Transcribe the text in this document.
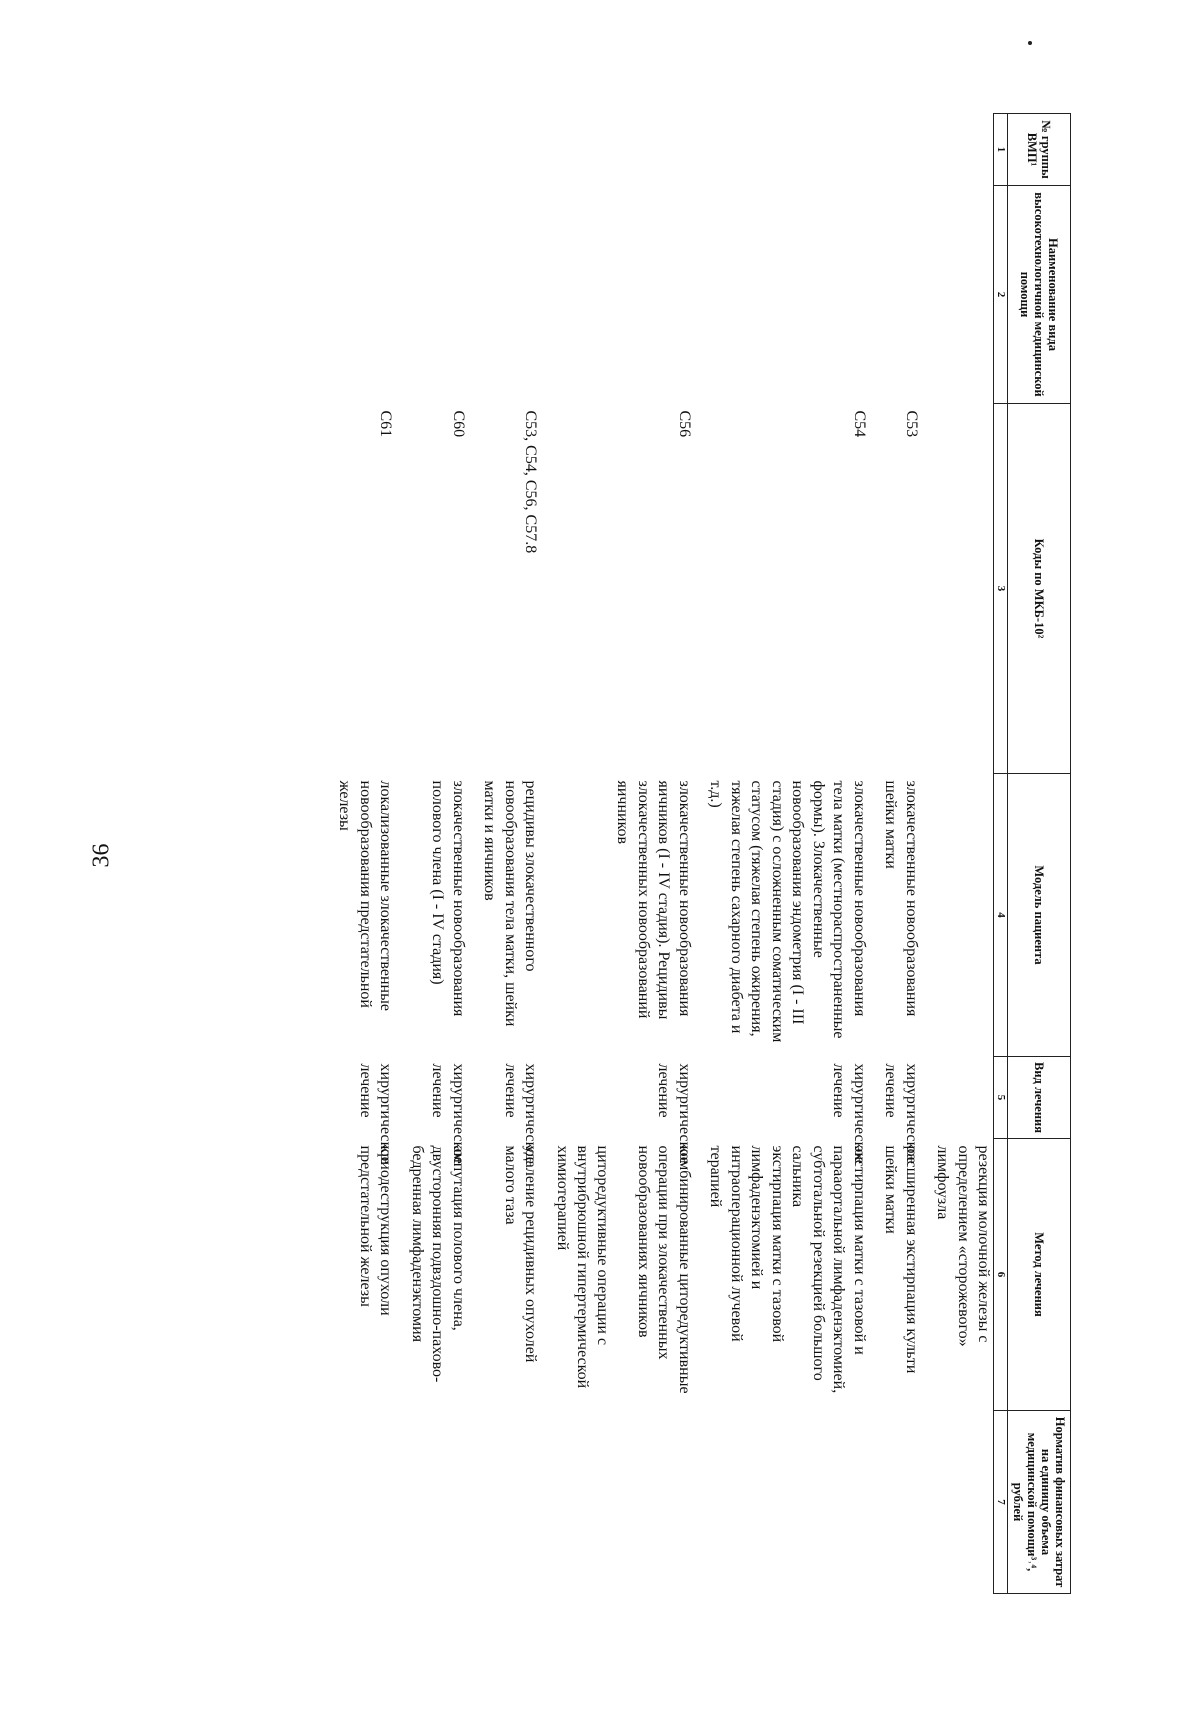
36
№ группы ВМП¹	Наименование вида высокотехнологичной медицинской помощи	Коды по МКБ-10²	Модель пациента	Вид лечения	Метод лечения	Норматив финансовых затрат на единицу объема медицинской помощи³˒⁴, рублей
1	2	3	4	5	6	7
					резекция молочной железы с определением «сторожевого» лимфоузла	
		C53	злокачественные новообразования шейки матки	хирургическое лечение	расширенная экстирпация культи шейки матки	
		C54	злокачественные новообразования тела матки (местнораспространенные формы). Злокачественные новообразования эндометрия (I - III стадия) с осложненным соматическим статусом (тяжелая степень ожирения, тяжелая степень сахарного диабета и т.д.)	хирургическое лечение	экстирпация матки с тазовой и парааортальной лимфаденэктомией, субтотальной резекцией большого сальника
экстирпация матки с тазовой лимфаденэктомией и интраоперационной лучевой терапией	

		C56	злокачественные новообразования яичников (I - IV стадия). Рецидивы злокачественных новообразований яичников	хирургическое лечение	комбинированные циторедуктивные операции при злокачественных новообразованиях яичников
циторедуктивные операции с внутрибрюшной гипертермической химиотерапией	

		C53, C54, C56, C57.8	рецидивы злокачественного новообразования тела матки, шейки матки и яичников	хирургическое лечение	удаление рецидивных опухолей малого таза	
		C60	злокачественные новообразования полового члена (I - IV стадия)	хирургическое лечение	ампутация полового члена, двусторонняя подвздошно-пахово-бедренная лимфаденэктомия	
		C61	локализованные злокачественные новообразования предстательной железы	хирургическое лечение	криодеструкция опухоли предстательной железы	
